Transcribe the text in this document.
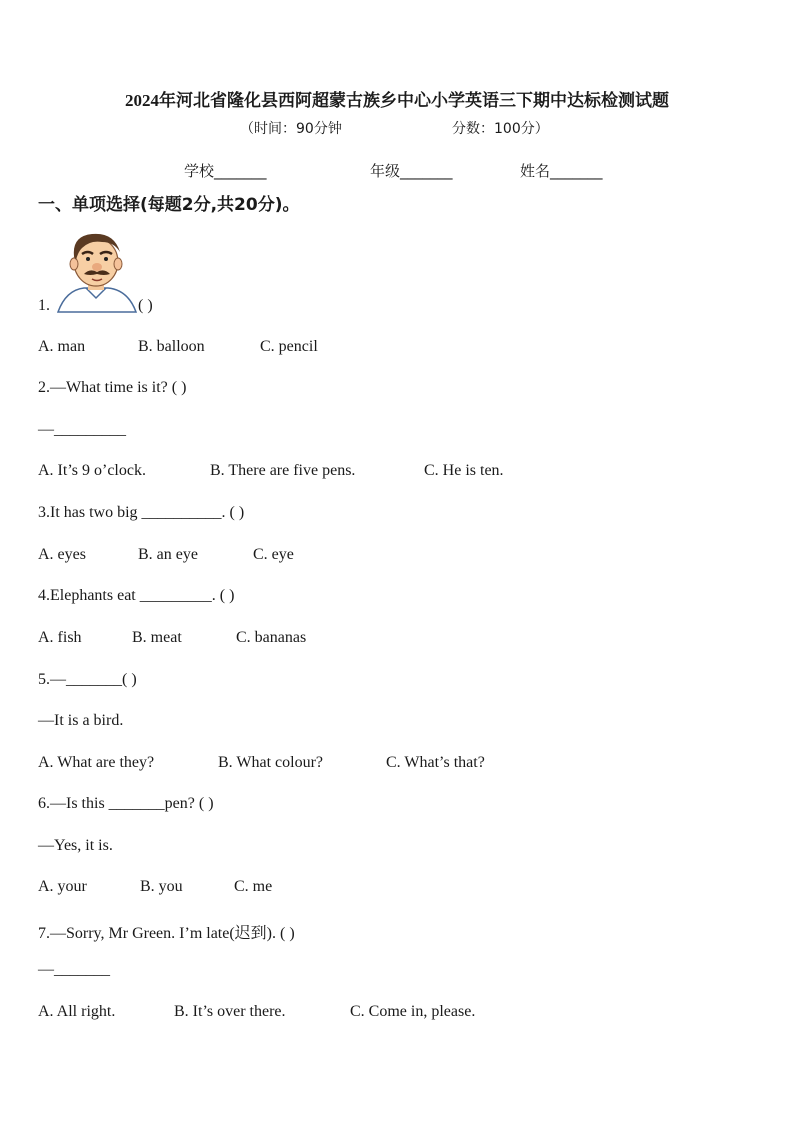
2024年河北省隆化县西阿超蒙古族乡中心小学英语三下期中达标检测试题
（时间：90分钟	分数：100分）
学校_______	年级_______	姓名_______
一、单项选择(每题2分,共20分)。
1.	( )
A. man	B. balloon	C. pencil
2.—What time is it? ( )
—_________
A. It’s 9 o’clock.	B. There are five pens.	C. He is ten.
3.It has two big __________. ( )
A. eyes	B. an eye	C. eye
4.Elephants eat _________. ( )
A. fish	B. meat	C. bananas
5.—_______( )
—It is a bird.
A. What are they?	B. What colour?	C. What’s that?
6.—Is this _______pen? ( )
—Yes, it is.
A. your	B. you	C. me
7.—Sorry, Mr Green. I’m late(迟到). ( )
—_______
A. All right.	B. It’s over there.	C. Come in, please.
